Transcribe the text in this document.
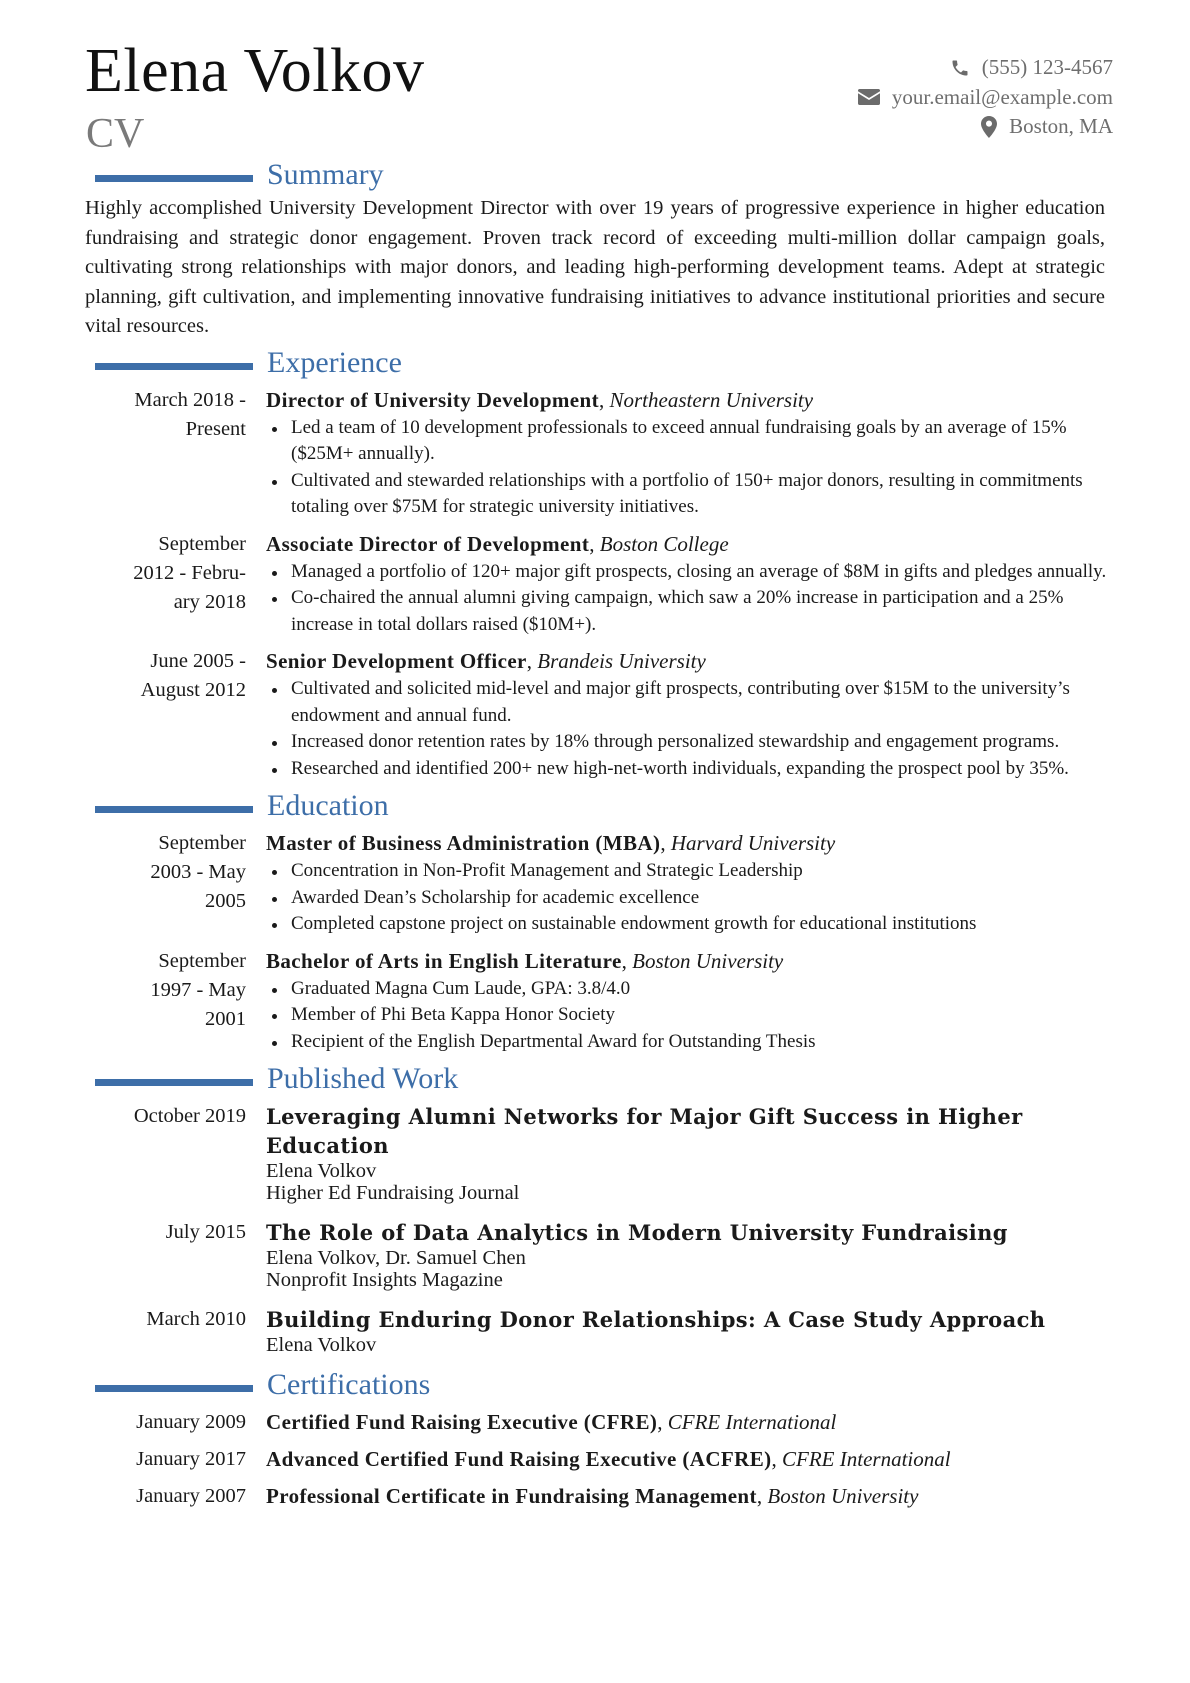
Elena Volkov
CV
(555) 123-4567
your.email@example.com
Boston, MA
Summary
Highly accomplished University Development Director with over 19 years of progressive experience in higher education fundraising and strategic donor engagement. Proven track record of exceeding multi-million dollar campaign goals, cultivating strong relationships with major donors, and leading high-performing development teams. Adept at strategic planning, gift cultivation, and implementing innovative fundraising initiatives to advance institutional priorities and secure vital resources.
Experience
March 2018 -
Present
Director of University Development, Northeastern University
Led a team of 10 development professionals to exceed annual fundraising goals by an average of 15% ($25M+ annually).
Cultivated and stewarded relationships with a portfolio of 150+ major donors, resulting in commitments totaling over $75M for strategic university initiatives.
September
2012 - Febru-
ary 2018
Associate Director of Development, Boston College
Managed a portfolio of 120+ major gift prospects, closing an average of $8M in gifts and pledges annually.
Co-chaired the annual alumni giving campaign, which saw a 20% increase in participation and a 25% increase in total dollars raised ($10M+).
June 2005 -
August 2012
Senior Development Officer, Brandeis University
Cultivated and solicited mid-level and major gift prospects, contributing over $15M to the university’s endowment and annual fund.
Increased donor retention rates by 18% through personalized stewardship and engagement programs.
Researched and identified 200+ new high-net-worth individuals, expanding the prospect pool by 35%.
Education
September
2003 - May
2005
Master of Business Administration (MBA), Harvard University
Concentration in Non-Profit Management and Strategic Leadership
Awarded Dean’s Scholarship for academic excellence
Completed capstone project on sustainable endowment growth for educational institutions
September
1997 - May
2001
Bachelor of Arts in English Literature, Boston University
Graduated Magna Cum Laude, GPA: 3.8/4.0
Member of Phi Beta Kappa Honor Society
Recipient of the English Departmental Award for Outstanding Thesis
Published Work
October 2019 Leveraging Alumni Networks for Major Gift Success in Higher Education
Elena Volkov
Higher Ed Fundraising Journal
July 2015 The Role of Data Analytics in Modern University Fundraising
Elena Volkov, Dr. Samuel Chen
Nonprofit Insights Magazine
March 2010 Building Enduring Donor Relationships: A Case Study Approach
Elena Volkov
Certifications
January 2009 Certified Fund Raising Executive (CFRE), CFRE International
January 2017 Advanced Certified Fund Raising Executive (ACFRE), CFRE International
January 2007 Professional Certificate in Fundraising Management, Boston University
